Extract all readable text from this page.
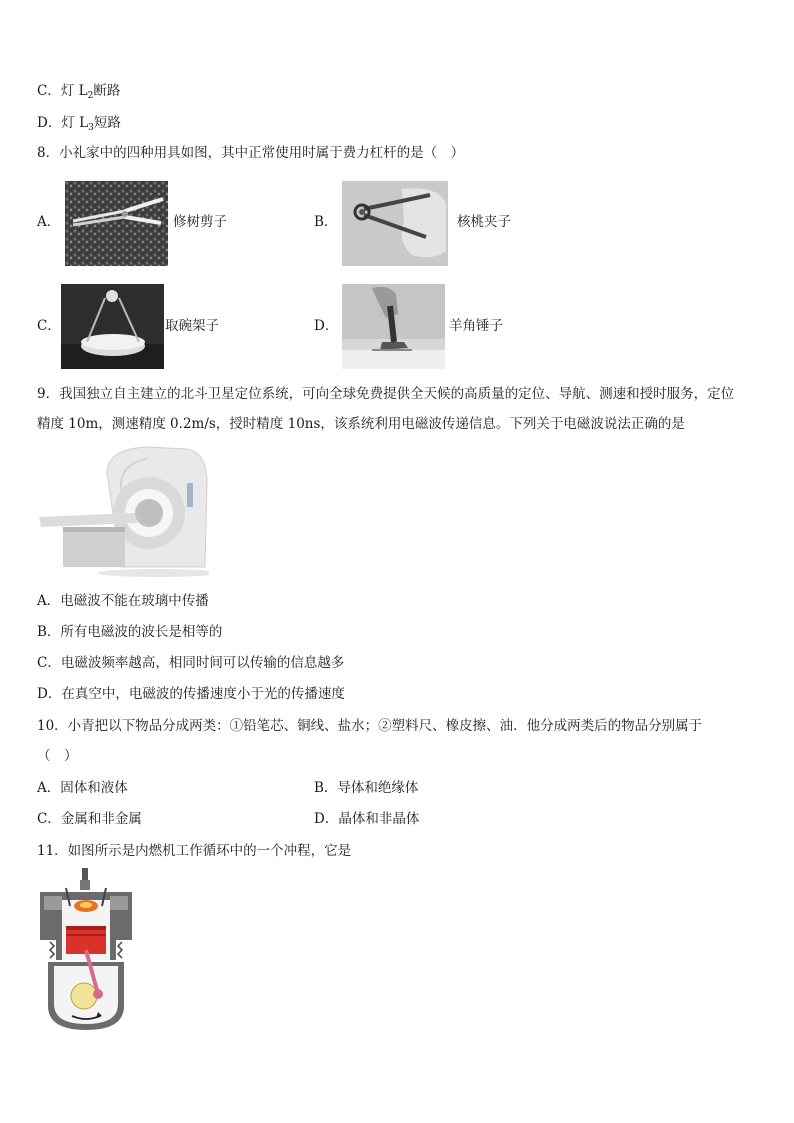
C．灯 $L_2$断路
D．灯 $L_3$短路
8．小礼家中的四种用具如图，其中正常使用时属于费力杠杆的是（　）
A．	修树剪子	B．	核桃夹子
C．	取碗架子	D．	羊角锤子
9．我国独立自主建立的北斗卫星定位系统，可向全球免费提供全天候的高质量的定位、导航、测速和授时服务，定位
精度 10m，测速精度 0.2m/s，授时精度 10ns，该系统利用电磁波传递信息。下列关于电磁波说法正确的是
A．电磁波不能在玻璃中传播
B．所有电磁波的波长是相等的
C．电磁波频率越高，相同时间可以传输的信息越多
D．在真空中，电磁波的传播速度小于光的传播速度
10．小青把以下物品分成两类：①铅笔芯、铜线、盐水；②塑料尺、橡皮擦、油．他分成两类后的物品分别属于
（　）
A．固体和液体	B．导体和绝缘体
C．金属和非金属	D．晶体和非晶体
11．如图所示是内燃机工作循环中的一个冲程，它是
